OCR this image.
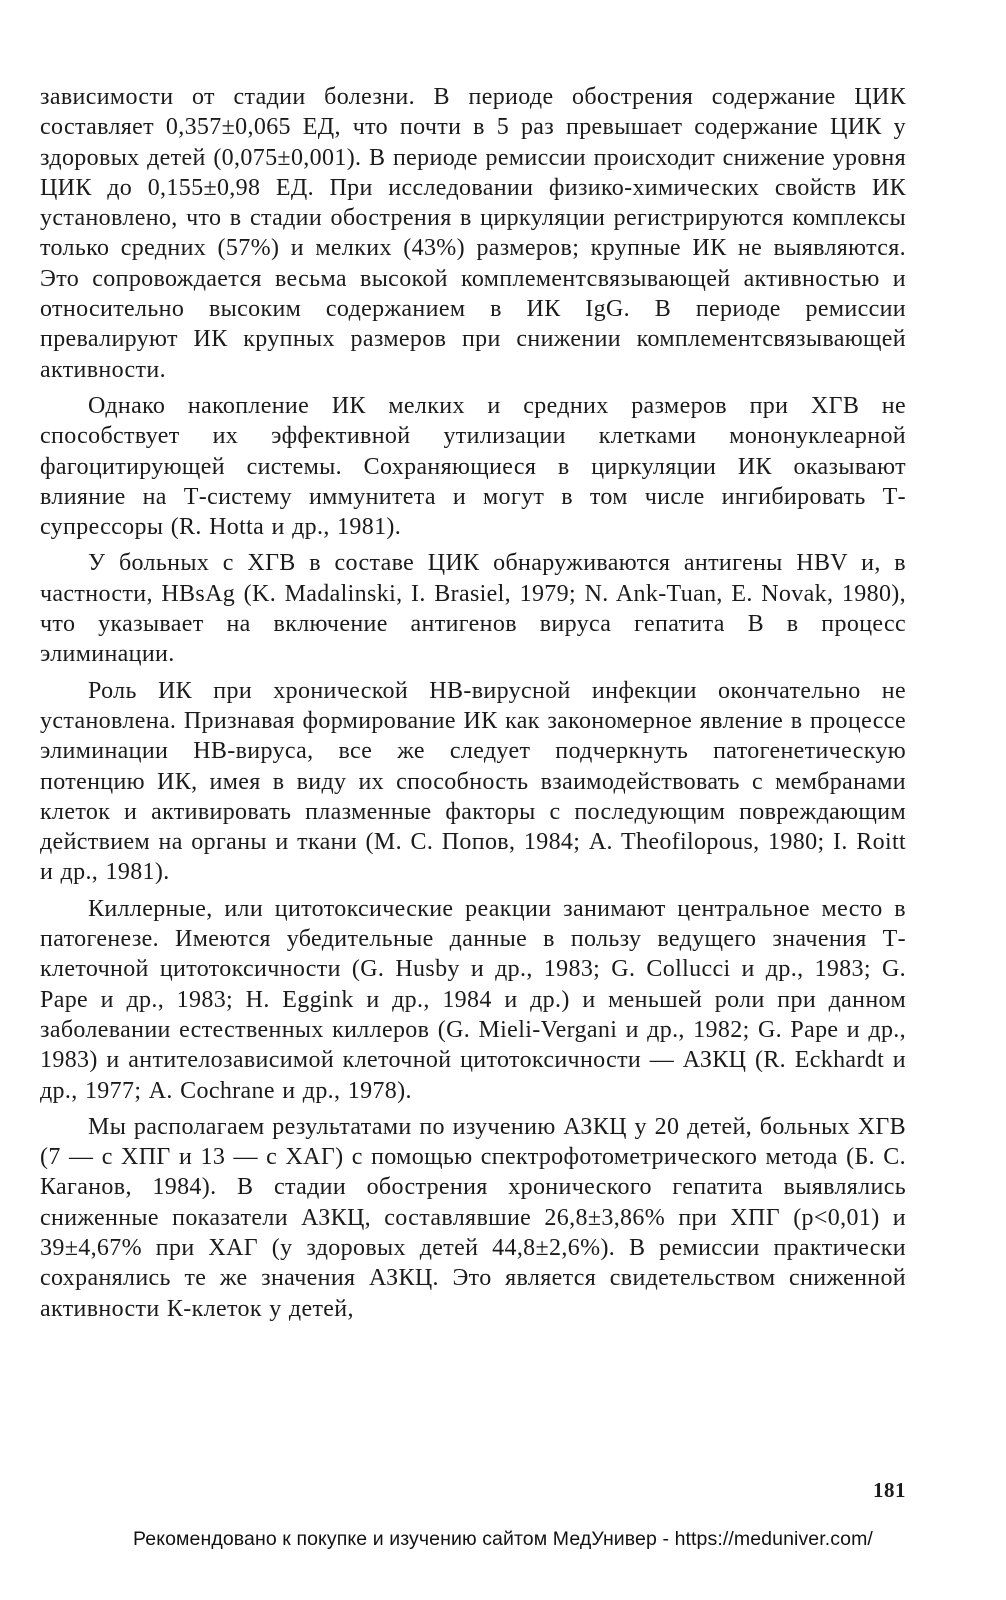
зависимости от стадии болезни. В периоде обострения содержание ЦИК составляет 0,357±0,065 ЕД, что почти в 5 раз превышает содержание ЦИК у здоровых детей (0,075±0,001). В периоде ремиссии происходит снижение уровня ЦИК до 0,155±0,98 ЕД. При исследовании физико-химических свойств ИК установлено, что в стадии обострения в циркуляции регистрируются комплексы только средних (57%) и мелких (43%) размеров; крупные ИК не выявляются. Это сопровождается весьма высокой комплементсвязывающей активностью и относительно высоким содержанием в ИК IgG. В периоде ремиссии превалируют ИК крупных размеров при снижении комплементсвязывающей активности.

Однако накопление ИК мелких и средних размеров при ХГВ не способствует их эффективной утилизации клетками мононуклеарной фагоцитирующей системы. Сохраняющиеся в циркуляции ИК оказывают влияние на Т-систему иммунитета и могут в том числе ингибировать Т-супрессоры (R. Hotta и др., 1981).

У больных с ХГВ в составе ЦИК обнаруживаются антигены HBV и, в частности, HBsAg (K. Madalinski, I. Brasiel, 1979; N. Ank-Tuan, E. Novak, 1980), что указывает на включение антигенов вируса гепатита В в процесс элиминации.

Роль ИК при хронической НВ-вирусной инфекции окончательно не установлена. Признавая формирование ИК как закономерное явление в процессе элиминации НВ-вируса, все же следует подчеркнуть патогенетическую потенцию ИК, имея в виду их способность взаимодействовать с мембранами клеток и активировать плазменные факторы с последующим повреждающим действием на органы и ткани (М. С. Попов, 1984; A. Theofilopous, 1980; I. Roitt и др., 1981).

Киллерные, или цитотоксические реакции занимают центральное место в патогенезе. Имеются убедительные данные в пользу ведущего значения Т-клеточной цитотоксичности (G. Husby и др., 1983; G. Collucci и др., 1983; G. Pape и др., 1983; H. Eggink и др., 1984 и др.) и меньшей роли при данном заболевании естественных киллеров (G. Mieli-Vergani и др., 1982; G. Pape и др., 1983) и антителозависимой клеточной цитотоксичности — АЗКЦ (R. Eckhardt и др., 1977; A. Cochrane и др., 1978).

Мы располагаем результатами по изучению АЗКЦ у 20 детей, больных ХГВ (7 — с ХПГ и 13 — с ХАГ) с помощью спектрофотометрического метода (Б. С. Каганов, 1984). В стадии обострения хронического гепатита выявлялись сниженные показатели АЗКЦ, составлявшие 26,8±3,86% при ХПГ (p<0,01) и 39±4,67% при ХАГ (у здоровых детей 44,8±2,6%). В ремиссии практически сохранялись те же значения АЗКЦ. Это является свидетельством сниженной активности К-клеток у детей,

181
Рекомендовано к покупке и изучению сайтом МедУнивер - https://meduniver.com/
